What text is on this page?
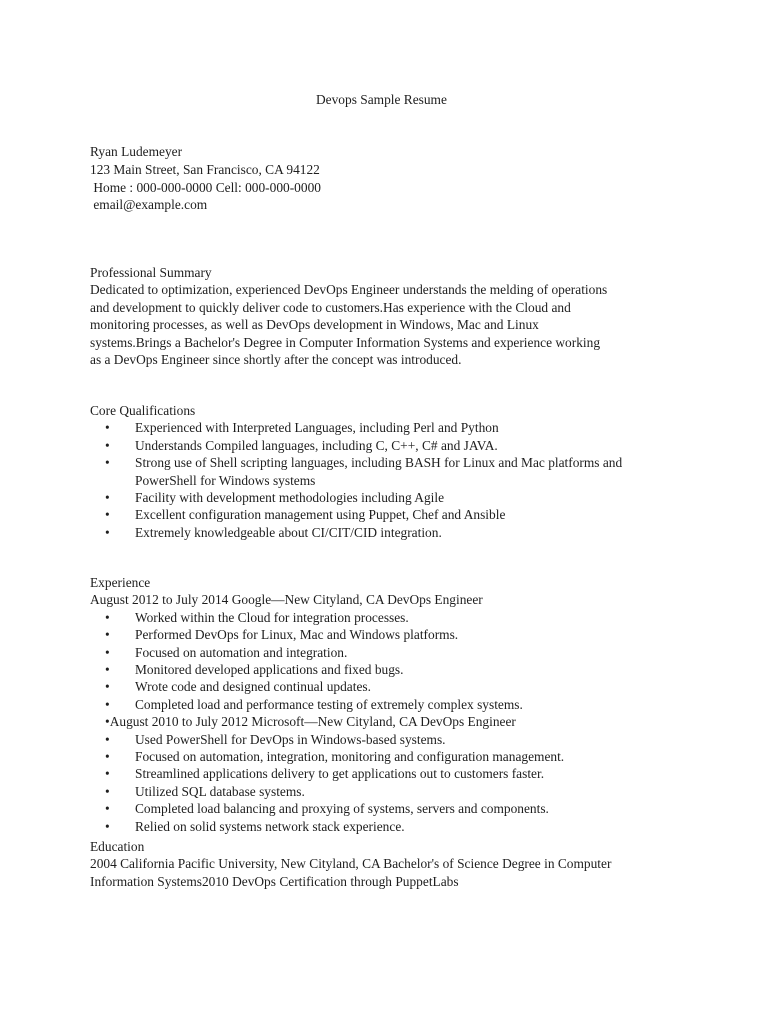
Devops Sample Resume
Ryan Ludemeyer
123 Main Street, San Francisco, CA 94122
Home : 000-000-0000 Cell: 000-000-0000
email@example.com
Professional Summary
Dedicated to optimization, experienced DevOps Engineer understands the melding of operations
and development to quickly deliver code to customers.Has experience with the Cloud and
monitoring processes, as well as DevOps development in Windows, Mac and Linux
systems.Brings a Bachelor's Degree in Computer Information Systems and experience working
as a DevOps Engineer since shortly after the concept was introduced.
Core Qualifications
• Experienced with Interpreted Languages, including Perl and Python
• Understands Compiled languages, including C, C++, C# and JAVA.
• Strong use of Shell scripting languages, including BASH for Linux and Mac platforms and PowerShell for Windows systems
• Facility with development methodologies including Agile
• Excellent configuration management using Puppet, Chef and Ansible
• Extremely knowledgeable about CI/CIT/CID integration.
Experience
August 2012 to July 2014 Google—New Cityland, CA DevOps Engineer
• Worked within the Cloud for integration processes.
• Performed DevOps for Linux, Mac and Windows platforms.
• Focused on automation and integration.
• Monitored developed applications and fixed bugs.
• Wrote code and designed continual updates.
• Completed load and performance testing of extremely complex systems.
•August 2010 to July 2012 Microsoft—New Cityland, CA DevOps Engineer
• Used PowerShell for DevOps in Windows-based systems.
• Focused on automation, integration, monitoring and configuration management.
• Streamlined applications delivery to get applications out to customers faster.
• Utilized SQL database systems.
• Completed load balancing and proxying of systems, servers and components.
• Relied on solid systems network stack experience.
Education
2004 California Pacific University, New Cityland, CA Bachelor's of Science Degree in Computer
Information Systems2010 DevOps Certification through PuppetLabs
